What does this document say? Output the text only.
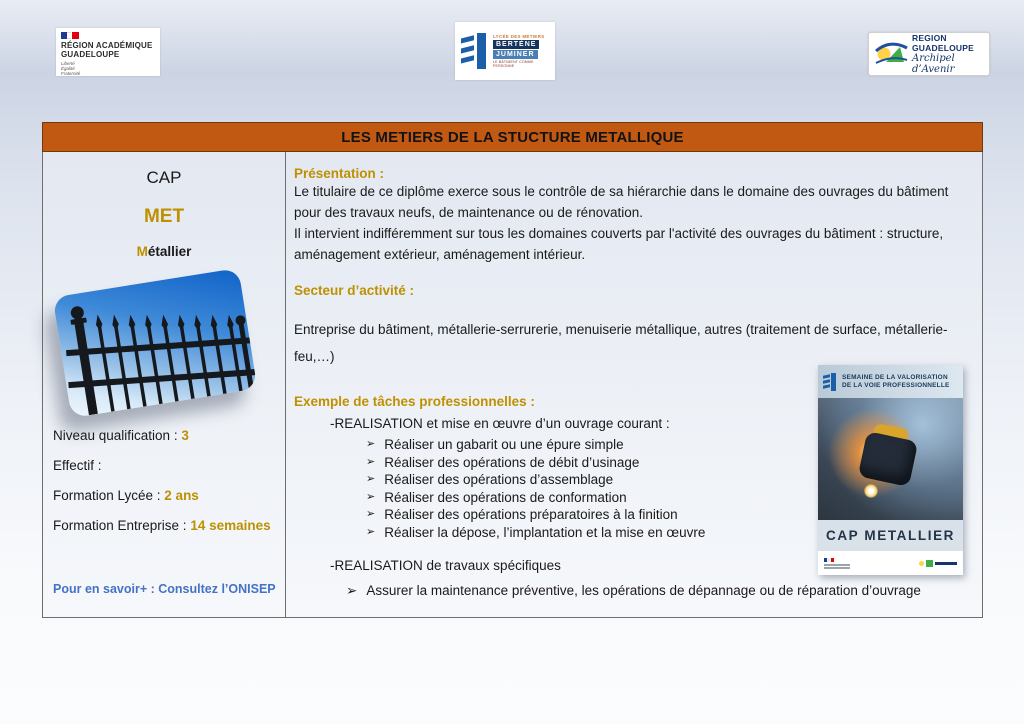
RÉGION ACADÉMIQUE
GUADELOUPE
Liberté
Égalité
Fraternité
LYCÉE DES MÉTIERS
BERTÈNE
JUMINER
LE BÂTIMENT COMME PERSONNE
REGION GUADELOUPE
Archipel d’Avenir
LES METIERS DE LA STUCTURE METALLIQUE
CAP
MET
Métallier
Niveau qualification : 3
Effectif :
Formation Lycée : 2 ans
Formation Entreprise : 14 semaines
Pour en savoir+ : Consultez l’ONISEP
Présentation :

Le titulaire de ce diplôme exerce sous le contrôle de sa hiérarchie dans le domaine des ouvrages du bâtiment pour des travaux neufs, de maintenance ou de rénovation.

Il intervient indifféremment sur tous les domaines couverts par l'activité des ouvrages du bâtiment : structure, aménagement extérieur, aménagement intérieur.

Secteur d’activité :

Entreprise du bâtiment, métallerie-serrurerie, menuiserie métallique, autres (traitement de surface, métallerie-feu,…)

Exemple de tâches professionnelles :
-REALISATION et mise en œuvre d’un ouvrage courant :
➢ Réaliser un gabarit ou une épure simple
➢ Réaliser des opérations de débit d’usinage
➢ Réaliser des opérations d’assemblage
➢ Réaliser des opérations de conformation
➢ Réaliser des opérations préparatoires à la finition
➢ Réaliser la dépose, l’implantation et la mise en œuvre
-REALISATION de travaux spécifiques
➢ Assurer la maintenance préventive, les opérations de dépannage ou de réparation d’ouvrage
SEMAINE DE LA VALORISATION
DE LA VOIE PROFESSIONNELLE
CAP METALLIER
